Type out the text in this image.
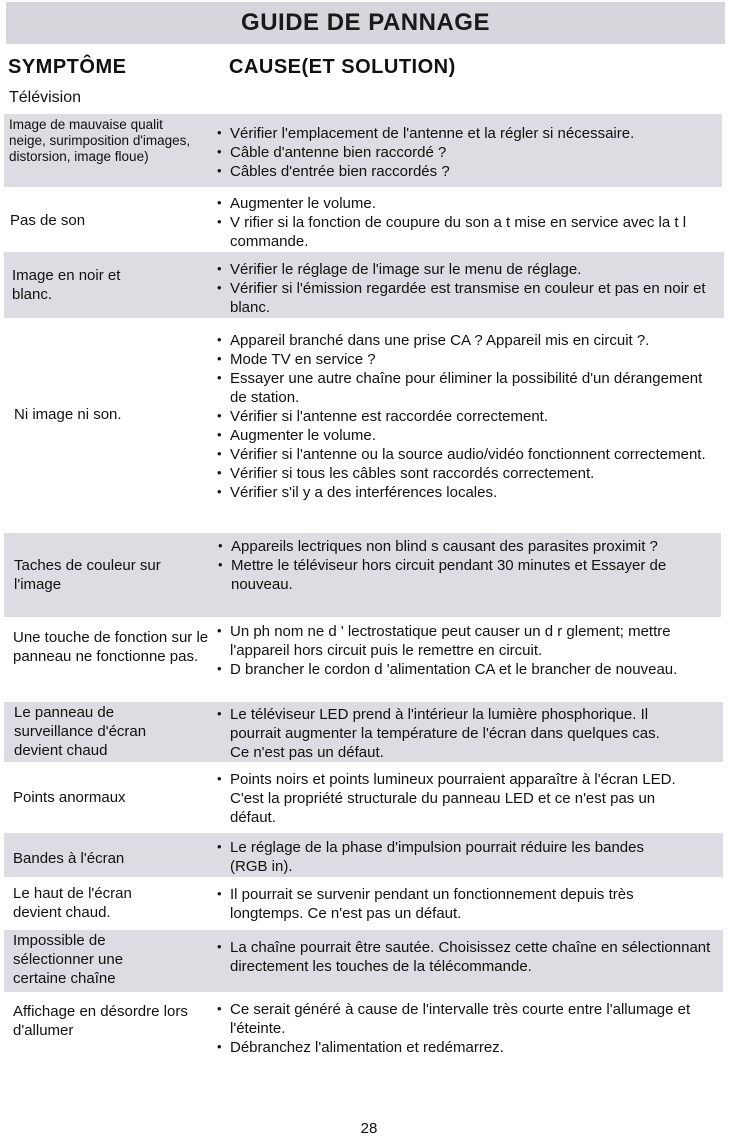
GUIDE DE PANNAGE
SYMPTÔME	CAUSE(ET SOLUTION)
Télévision
Image de mauvaise qualit neige, surimposition d'images, distorsion, image floue)
• Vérifier l'emplacement de l'antenne et la régler si nécessaire.
• Câble d'antenne bien raccordé ?
• Câbles d'entrée bien raccordés ?
Pas de son
• Augmenter le volume.
• V rifier si la fonction de coupure du son a t mise en service avec la t l commande.
Image en noir et blanc.
• Vérifier le réglage de l'image sur le menu de réglage.
• Vérifier si l'émission regardée est transmise en couleur et pas en noir et blanc.
Ni image ni son.
• Appareil branché dans une prise CA ? Appareil mis en circuit ?.
• Mode TV en service ?
• Essayer une autre chaîne pour éliminer la possibilité d'un dérangement de station.
• Vérifier si l'antenne est raccordée correctement.
• Augmenter le volume.
• Vérifier si l'antenne ou la source audio/vidéo fonctionnent correctement.
• Vérifier si tous les câbles sont raccordés correctement.
• Vérifier s'il y a des interférences locales.
Taches de couleur sur l'image
• Appareils lectriques non blind s causant des parasites proximit ?
• Mettre le téléviseur hors circuit pendant 30 minutes et Essayer de nouveau.
Une touche de fonction sur le panneau ne fonctionne pas.
• Un ph nom ne d ' lectrostatique peut causer un d r glement; mettre l'appareil hors circuit puis le remettre en circuit.
• D brancher le cordon d 'alimentation CA et le brancher de nouveau.
Le panneau de surveillance d'écran devient chaud
• Le téléviseur LED prend à l'intérieur la lumière phosphorique. Il pourrait augmenter la température de l'écran dans quelques cas. Ce n'est pas un défaut.
Points anormaux
• Points noirs et points lumineux pourraient apparaître à l'écran LED. C'est la propriété structurale du panneau LED et ce n'est pas un défaut.
Bandes à l'écran
• Le réglage de la phase d'impulsion pourrait réduire les bandes (RGB in).
Le haut de l'écran devient chaud.
• Il pourrait se survenir pendant un fonctionnement depuis très longtemps. Ce n'est pas un défaut.
Impossible de sélectionner une certaine chaîne
• La chaîne pourrait être sautée. Choisissez cette chaîne en sélectionnant directement les touches de la télécommande.
Affichage en désordre lors d'allumer
• Ce serait généré à cause de l'intervalle très courte entre l'allumage et l'éteinte.
• Débranchez l'alimentation et redémarrez.
28
